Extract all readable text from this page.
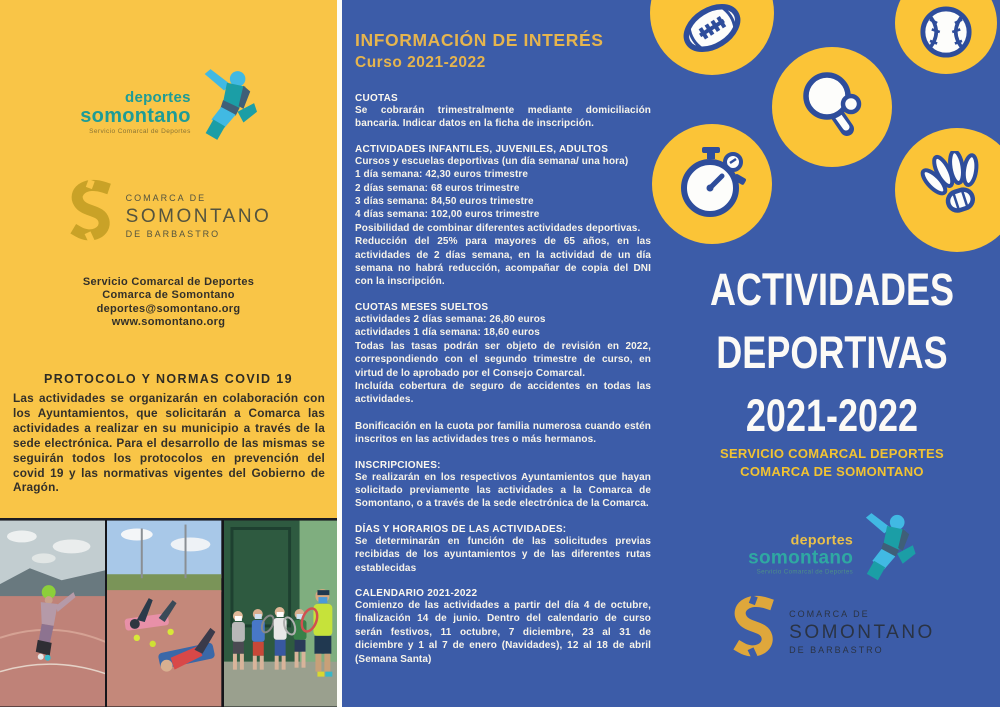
deportes
somontano
Servicio Comarcal de Deportes
COMARCA DE
SOMONTANO
DE BARBASTRO
Servicio Comarcal de Deportes
Comarca de Somontano
deportes@somontano.org
www.somontano.org
PROTOCOLO Y NORMAS COVID 19
Las actividades se organizarán en colaboración con los Ayuntamientos, que solicitarán a Comarca las actividades a realizar en su municipio a través de la sede electrónica. Para el desarrollo de las mismas se seguirán todos los protocolos en prevención del covid 19 y las normativas vigentes del Gobierno de Aragón.
INFORMACIÓN DE INTERÉS
Curso 2021-2022
CUOTAS

Se cobrarán trimestralmente mediante domiciliación bancaria. Indicar datos en la ficha de inscripción.

ACTIVIDADES INFANTILES, JUVENILES, ADULTOS

Cursos y escuelas deportivas (un día semana/ una hora)

1 día semana: 42,30 euros trimestre

2 días semana: 68 euros trimestre

3 días semana: 84,50 euros trimestre

4 días semana: 102,00 euros trimestre

Posibilidad de combinar diferentes actividades deportivas.

Reducción del 25% para mayores de 65 años, en las actividades de 2 días semana, en la actividad de un día semana no habrá reducción, acompañar de copia del DNI con la inscripción.

CUOTAS MESES SUELTOS

actividades 2 días semana: 26,80 euros

actividades 1 día semana: 18,60 euros

Todas las tasas podrán ser objeto de revisión en 2022, correspondiendo con el segundo trimestre de curso, en virtud de lo aprobado por el Consejo Comarcal.

Incluída cobertura de seguro de accidentes en todas las actividades.

Bonificación en la cuota por familia numerosa cuando estén inscritos en las actividades tres o más hermanos.

INSCRIPCIONES:

Se realizarán en los respectivos Ayuntamientos que hayan solicitado previamente las actividades a la Comarca de Somontano, o a través de la sede electrónica de la Comarca.

DÍAS Y HORARIOS DE LAS ACTIVIDADES:

Se determinarán en función de las solicitudes previas recibidas de los ayuntamientos y de las diferentes rutas establecidas

CALENDARIO 2021-2022

Comienzo de las actividades a partir del día 4 de octubre, finalización 14 de junio. Dentro del calendario de curso serán festivos, 11 octubre, 7 diciembre, 23 al 31 de diciembre y 1 al 7 de enero (Navidades), 12 al 18 de abril (Semana Santa)

ACTIVIDADES
DEPORTIVAS
2021-2022
SERVICIO COMARCAL DEPORTES
COMARCA DE SOMONTANO
deportes
somontano
Servicio Comarcal de Deportes
COMARCA DE
SOMONTANO
DE BARBASTRO
